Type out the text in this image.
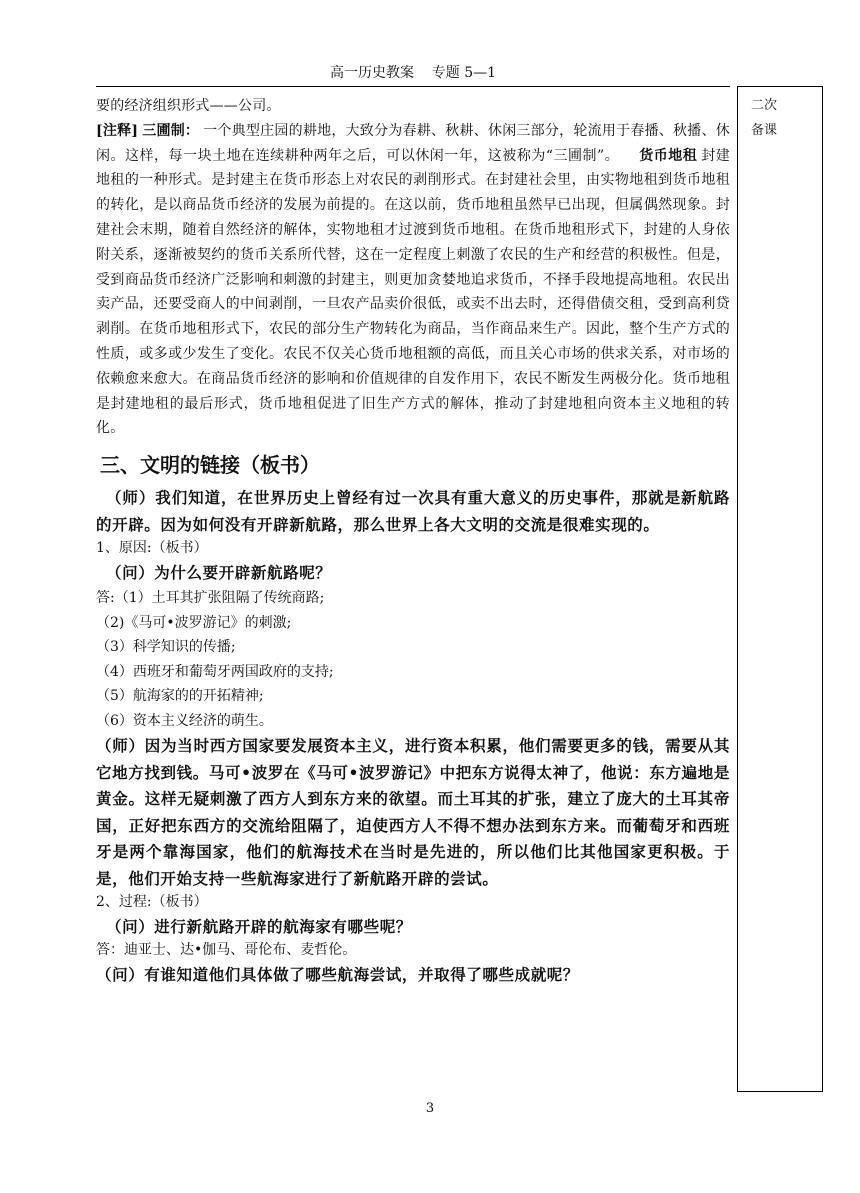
高一历史教案    专题 5—1
二次
备课

要的经济组织形式——公司。

[注释] 三圃制： 一个典型庄园的耕地，大致分为春耕、秋耕、休闲三部分，轮流用于春播、秋播、休闲。这样，每一块土地在连续耕种两年之后，可以休闲一年，这被称为“三圃制”。 货币地租 封建地租的一种形式。是封建主在货币形态上对农民的剥削形式。在封建社会里，由实物地租到货币地租的转化，是以商品货币经济的发展为前提的。在这以前，货币地租虽然早已出现，但属偶然现象。封建社会末期，随着自然经济的解体，实物地租才过渡到货币地租。在货币地租形式下，封建的人身依附关系，逐渐被契约的货币关系所代替，这在一定程度上刺激了农民的生产和经营的积极性。但是，受到商品货币经济广泛影响和刺激的封建主，则更加贪婪地追求货币，不择手段地提高地租。农民出卖产品，还要受商人的中间剥削，一旦农产品卖价很低，或卖不出去时，还得借债交租，受到高利贷剥削。在货币地租形式下，农民的部分生产物转化为商品，当作商品来生产。因此，整个生产方式的性质，或多或少发生了变化。农民不仅关心货币地租额的高低，而且关心市场的供求关系，对市场的依赖愈来愈大。在商品货币经济的影响和价值规律的自发作用下，农民不断发生两极分化。货币地租是封建地租的最后形式，货币地租促进了旧生产方式的解体，推动了封建地租向资本主义地租的转化。

三、文明的链接（板书）

（师）我们知道，在世界历史上曾经有过一次具有重大意义的历史事件，那就是新航路的开辟。因为如何没有开辟新航路，那么世界上各大文明的交流是很难实现的。

1、原因:（板书）

（问）为什么要开辟新航路呢？

答:（1）土耳其扩张阻隔了传统商路;

（2)《马可•波罗游记》的刺激;

（3）科学知识的传播;

（4）西班牙和葡萄牙两国政府的支持;

（5）航海家的的开拓精神;

（6）资本主义经济的萌生。

（师）因为当时西方国家要发展资本主义，进行资本积累，他们需要更多的钱，需要从其它地方找到钱。马可•波罗在《马可•波罗游记》中把东方说得太神了，他说：东方遍地是黄金。这样无疑刺激了西方人到东方来的欲望。而土耳其的扩张，建立了庞大的土耳其帝国，正好把东西方的交流给阻隔了，迫使西方人不得不想办法到东方来。而葡萄牙和西班牙是两个靠海国家，他们的航海技术在当时是先进的，所以他们比其他国家更积极。于是，他们开始支持一些航海家进行了新航路开辟的尝试。

2、过程:（板书）

（问）进行新航路开辟的航海家有哪些呢？

答：迪亚士、达•伽马、哥伦布、麦哲伦。

（问）有谁知道他们具体做了哪些航海尝试，并取得了哪些成就呢？

3
